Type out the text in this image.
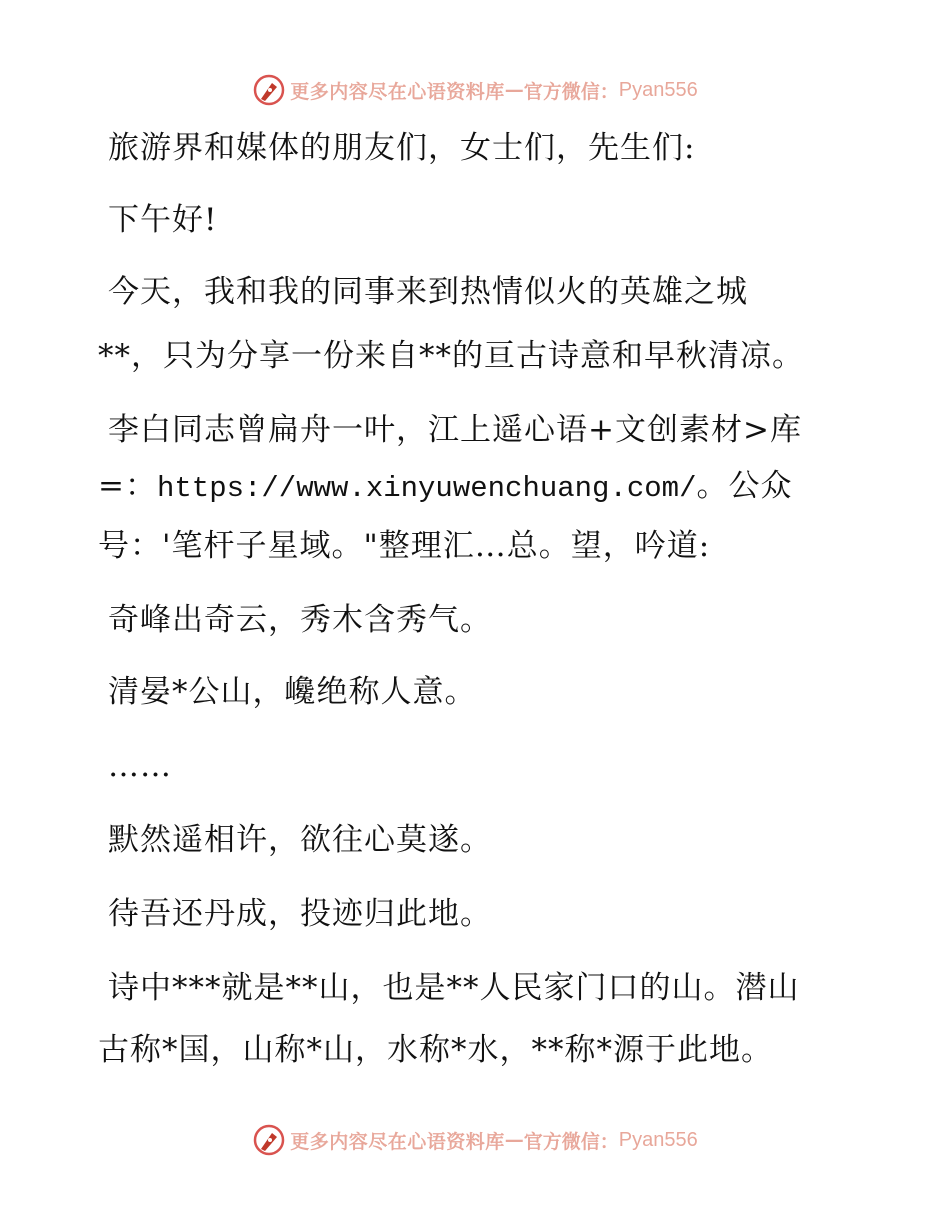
更多内容尽在心语资料库 — 官方微信： Pyan556
旅游界和媒体的朋友们，女士们，先生们:
下午好!
今天，我和我的同事来到热情似火的英雄之城
**，只为分享一份来自**的亘古诗意和早秋清凉。
李白同志曾扁舟一叶，江上遥心语+文创素材>库
=：https://www.xinyuwenchuang.com/。公众
号：'笔杆子星域。"整理汇…总。望，吟道:
奇峰出奇云，秀木含秀气。
清晏*公山，巉绝称人意。
……
默然遥相许，欲往心莫遂。
待吾还丹成，投迹归此地。
诗中***就是**山，也是**人民家门口的山。潜山
古称*国，山称*山，水称*水，**称*源于此地。
更多内容尽在心语资料库 — 官方微信： Pyan556
